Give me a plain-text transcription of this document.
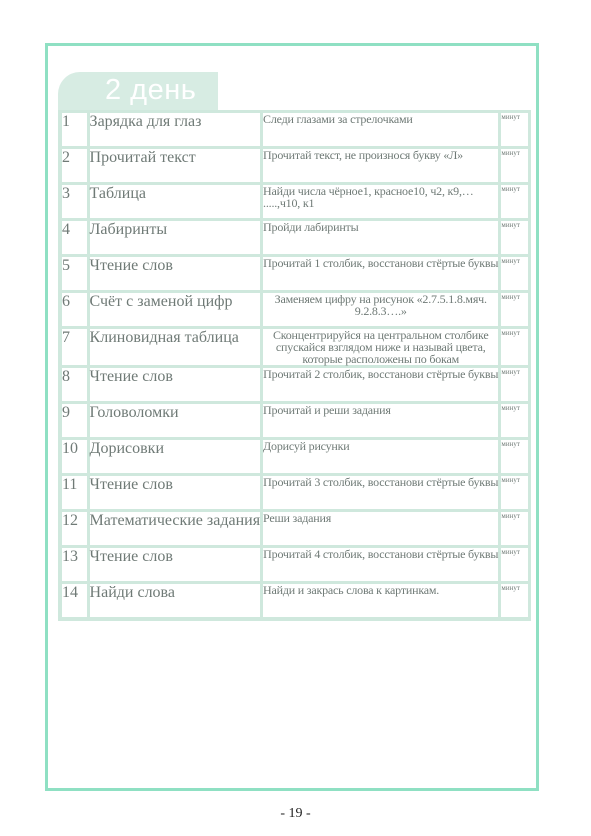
2 день
1	Зарядка для глаз	Следи глазами за стрелочками	минут
2	Прочитай текст	Прочитай текст, не произнося букву «Л»	минут
3	Таблица	Найди числа чёрное1, красное10, ч2, к9,… .....,ч10, к1	минут
4	Лабиринты	Пройди лабиринты	минут
5	Чтение слов	Прочитай 1 столбик, восстанови стёртые буквы	минут
6	Счёт с заменой цифр	Заменяем цифру на рисунок «2.7.5.1.8.мяч. 9.2.8.3….»	минут
7	Клиновидная таблица	Сконцентрируйся на центральном столбике спускайся взглядом ниже и называй цвета, которые расположены по бокам	минут
8	Чтение слов	Прочитай 2 столбик, восстанови стёртые буквы	минут
9	Головоломки	Прочитай и реши задания	минут
10	Дорисовки	Дорисуй рисунки	минут
11	Чтение слов	Прочитай 3 столбик, восстанови стёртые буквы	минут
12	Математические задания	Реши задания	минут
13	Чтение слов	Прочитай 4 столбик, восстанови стёртые буквы	минут
14	Найди слова	Найди и закрась слова к картинкам.	минут
- 19 -
